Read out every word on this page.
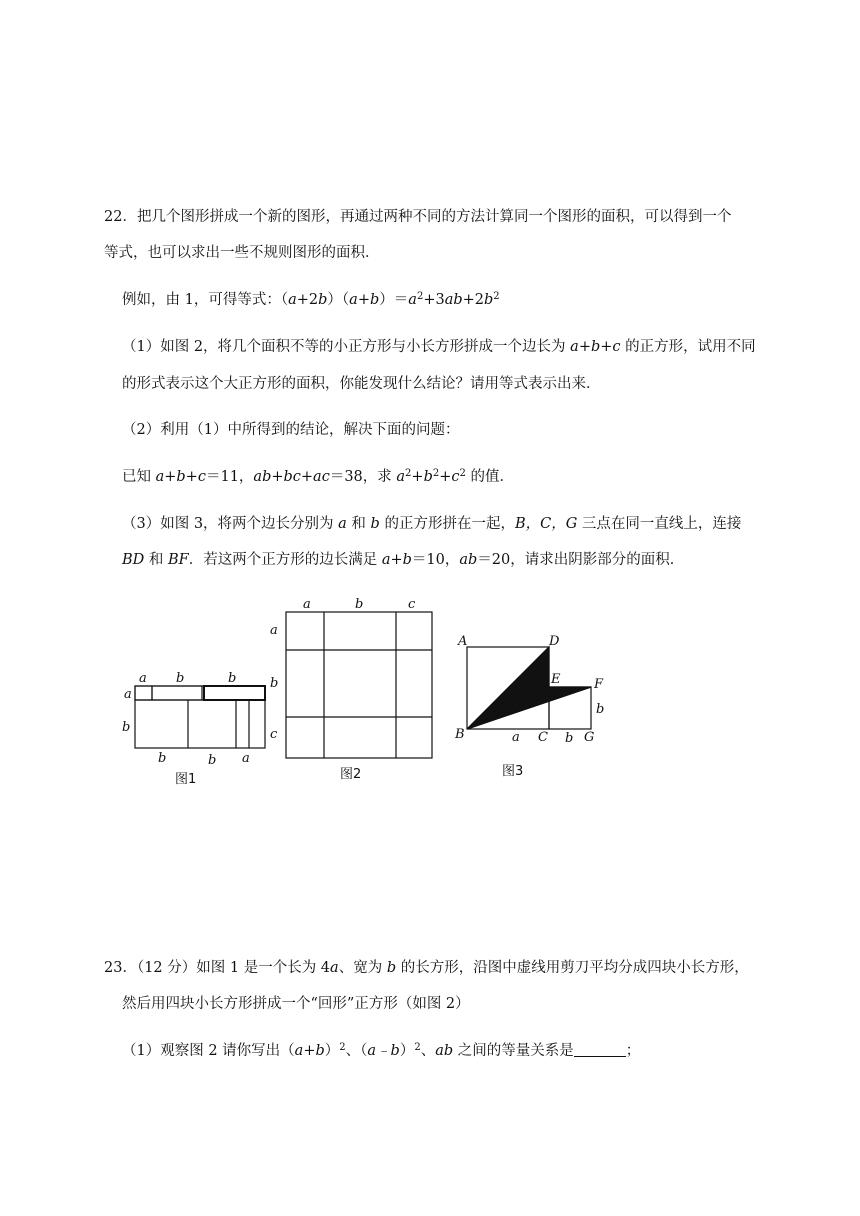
22．把几个图形拼成一个新的图形，再通过两种不同的方法计算同一个图形的面积，可以得到一个
等式，也可以求出一些不规则图形的面积．
例如，由 1，可得等式：$(a+2b)(a+b)=a^2+3ab+2b^2$
（1）如图 2，将几个面积不等的小正方形与小长方形拼成一个边长为 a+b+c 的正方形，试用不同
的形式表示这个大正方形的面积，你能发现什么结论？请用等式表示出来．
（2）利用（1）中所得到的结论，解决下面的问题：
已知 a+b+c＝11，ab+bc+ac＝38，求 $a^2+b^2+c^2$ 的值．
（3）如图 3，将两个边长分别为 a 和 b 的正方形拼在一起，B，C，G 三点在同一直线上，连接
BD 和 BF．若这两个正方形的边长满足 a+b＝10，ab＝20，请求出阴影部分的面积．
a b	b
a
b
b	b a
图1
a	b	c
a
b
c
图2
A	D
E	F
B	C	G
a	b
b
图3
23．（12 分）如图 1 是一个长为 4a、宽为 b 的长方形，沿图中虚线用剪刀平均分成四块小长方形，
然后用四块小长方形拼成一个“回形”正方形（如图 2）
（1）观察图 2 请你写出$(a+b)^2$、（a﹣b）$^2$、ab 之间的等量关系是	；
